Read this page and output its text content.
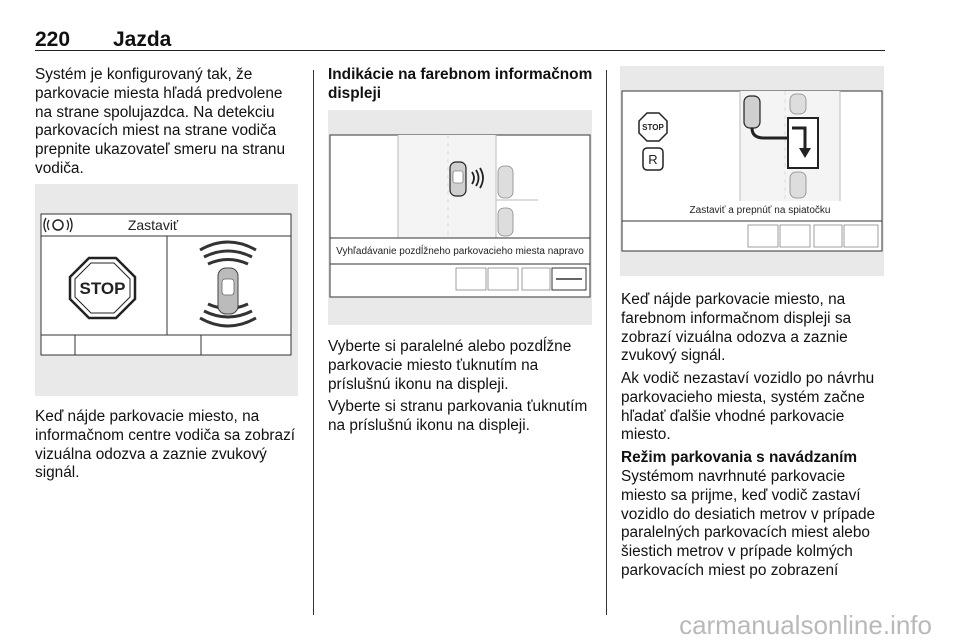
220 Jazda

Systém je konfigurovaný tak, že parkovacie miesta hľadá predvolene na strane spolujazdca. Na detekciu parkovacích miest na strane vodiča prepnite ukazovateľ smeru na stranu vodiča.

Zastaviť
STOP

Keď nájde parkovacie miesto, na informačnom centre vodiča sa zobrazí vizuálna odozva a zaznie zvukový signál.

Indikácie na farebnom informačnom displeji

Vyhľadávanie pozdĺžneho parkovacieho miesta napravo

Vyberte si paralelné alebo pozdĺžne parkovacie miesto ťuknutím na príslušnú ikonu na displeji.

Vyberte si stranu parkovania ťuknutím na príslušnú ikonu na displeji.

STOP
R
Zastaviť a prepnúť na spiatočku

Keď nájde parkovacie miesto, na farebnom informačnom displeji sa zobrazí vizuálna odozva a zaznie zvukový signál.

Ak vodič nezastaví vozidlo po návrhu parkovacieho miesta, systém začne hľadať ďalšie vhodné parkovacie miesto.

Režim parkovania s navádzaním

Systémom navrhnuté parkovacie miesto sa prijme, keď vodič zastaví vozidlo do desiatich metrov v prípade paralelných parkovacích miest alebo šiestich metrov v prípade kolmých parkovacích miest po zobrazení

carmanualsonline.info
